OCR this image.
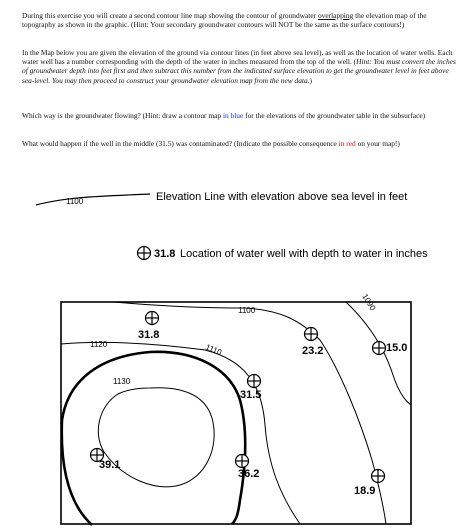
During this exercise you will create a second contour line map showing the contour of groundwater overlapping the elevation map of the topography as shown in the graphic. (Hint: Your secondary groundwater contours will NOT be the same as the surface contours!)
In the Map below you are given the elevation of the ground via contour lines (in feet above sea level), as well as the location of water wells. Each water well has a number corresponding with the depth of the water in inches measured from the top of the well. (Hint: You must convert the inches of groundwater depth into feet first and then subtract this number from the indicated surface elevation to get the groundwater level in feet above sea-level. You may then proceed to construct your groundwater elevation map from the new data.)
Which way is the groundwater flowing? (Hint: draw a contour map in blue for the elevations of the groundwater table in the subsurface)
What would happen if the well in the middle (31.5) was contaminated? (Indicate the possible consequence in red on your map!)
1100	Elevation Line with elevation above sea level in feet
31.8 Location of water well with depth to water in inches
1100
1110
1120
1130
1090
31.8
23.2	15.0
31.5
39.1
36.2
18.9
